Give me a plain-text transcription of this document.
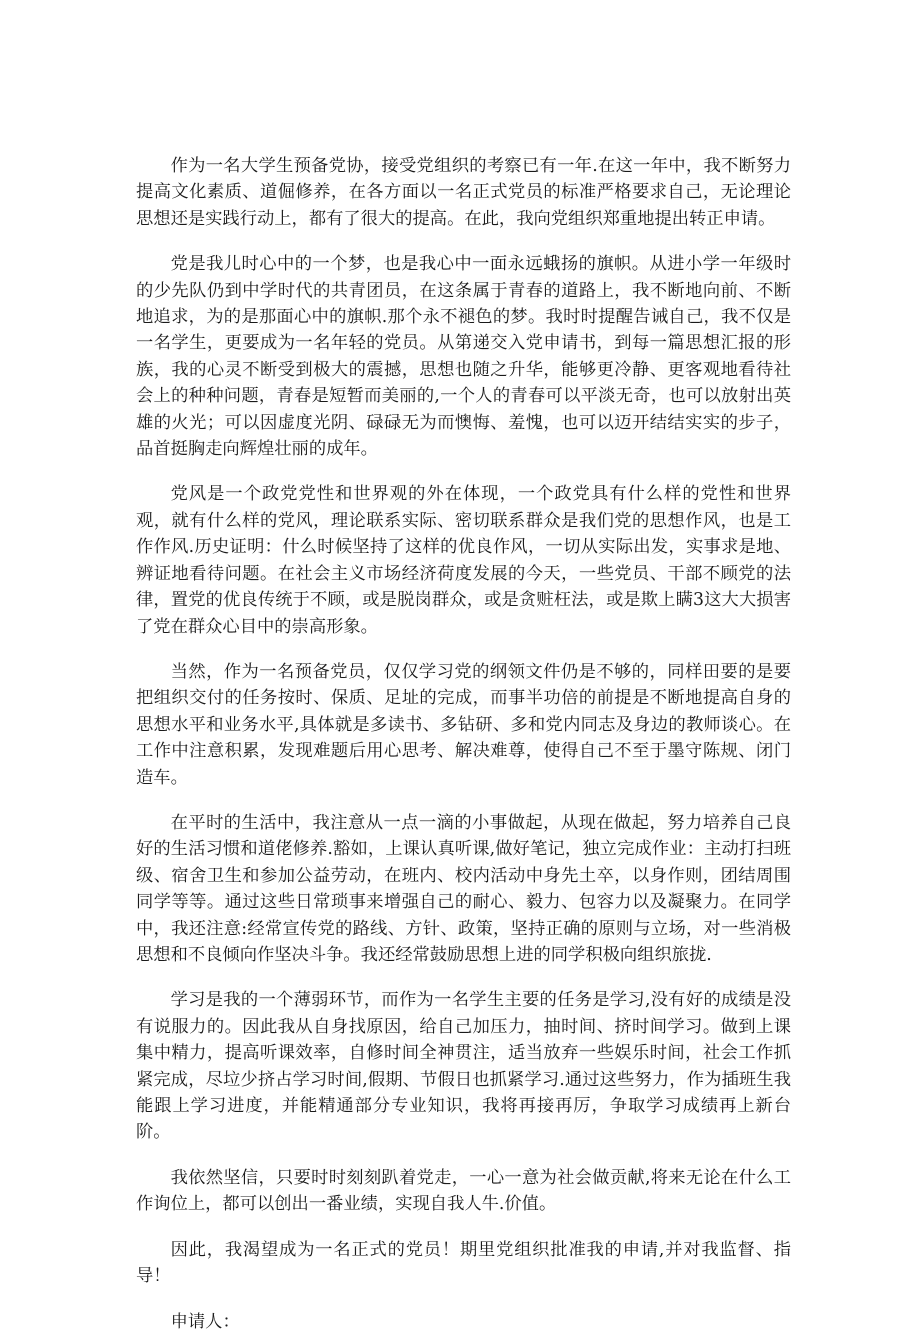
作为一名大学生预备党协，接受党组织的考察已有一年.在这一年中，我不断努力提高文化素质、道倔修养，在各方面以一名正式党员的标准严格要求自己，无论理论思想还是实践行动上，都有了很大的提高。在此，我向党组织郑重地提出转正申请。

党是我儿时心中的一个梦，也是我心中一面永远蛾扬的旗帜。从进小学一年级时的少先队仍到中学时代的共青团员，在这条属于青春的道路上，我不断地向前、不断地追求，为的是那面心中的旗帜.那个永不褪色的梦。我时时提醒告诫自己，我不仅是一名学生，更要成为一名年轻的党员。从第递交入党申请书，到每一篇思想汇报的形族，我的心灵不断受到极大的震撼，思想也随之升华，能够更冷静、更客观地看待社会上的种种问题，青春是短暂而美丽的,一个人的青春可以平淡无奇，也可以放射出英雄的火光；可以因虚度光阴、碌碌无为而懊悔、羞愧，也可以迈开结结实实的步子，品首挺胸走向辉煌壮丽的成年。

党风是一个政党党性和世界观的外在体现，一个政党具有什么样的党性和世界观，就有什么样的党风，理论联系实际、密切联系群众是我们党的思想作风，也是工作作风.历史证明：什么时候坚持了这样的优良作风，一切从实际出发，实事求是地、辨证地看待问题。在社会主义市场经济荷度发展的今天，一些党员、干部不顾党的法律，置党的优良传统于不顾，或是脱岗群众，或是贪赃枉法，或是欺上瞒3这大大损害了党在群众心目中的崇高形象。

当然，作为一名预备党员，仅仅学习党的纲领文件仍是不够的，同样田要的是要把组织交付的任务按时、保质、足址的完成，而事半功倍的前提是不断地提高自身的思想水平和业务水平,具体就是多读书、多钻研、多和党内同志及身边的教师谈心。在工作中注意积累，发现难题后用心思考、解决难尊，使得自己不至于墨守陈规、闭门造车。

在平时的生活中，我注意从一点一滴的小事做起，从现在做起，努力培养自己良好的生活习惯和道佬修养.豁如，上课认真听课,做好笔记，独立完成作业：主动打扫班级、宿舍卫生和参加公益劳动，在班内、校内活动中身先土卒，以身作则，团结周围同学等等。通过这些日常琐事来增强自己的耐心、毅力、包容力以及凝聚力。在同学中，我还注意:经常宣传党的路线、方针、政策，坚持正确的原则与立场，对一些消极思想和不良倾向作坚决斗争。我还经常鼓励思想上进的同学积极向组织旅拢.

学习是我的一个薄弱环节，而作为一名学生主要的任务是学习,没有好的成绩是没有说服力的。因此我从自身找原因，给自己加压力，抽时间、挤时间学习。做到上课集中精力，提高听课效率，自修时间全神贯注，适当放弃一些娱乐时间，社会工作抓紧完成，尽垃少挤占学习时间,假期、节假日也抓紧学习.通过这些努力，作为插班生我能跟上学习进度，并能精通部分专业知识，我将再接再厉，争取学习成绩再上新台阶。

我依然坚信，只要时时刻刻趴着党走，一心一意为社会做贡献,将来无论在什么工作询位上，都可以创出一番业绩，实现自我人牛.价值。

因此，我渴望成为一名正式的党员！期里党组织批准我的申请,并对我监督、指导！

申请人：
